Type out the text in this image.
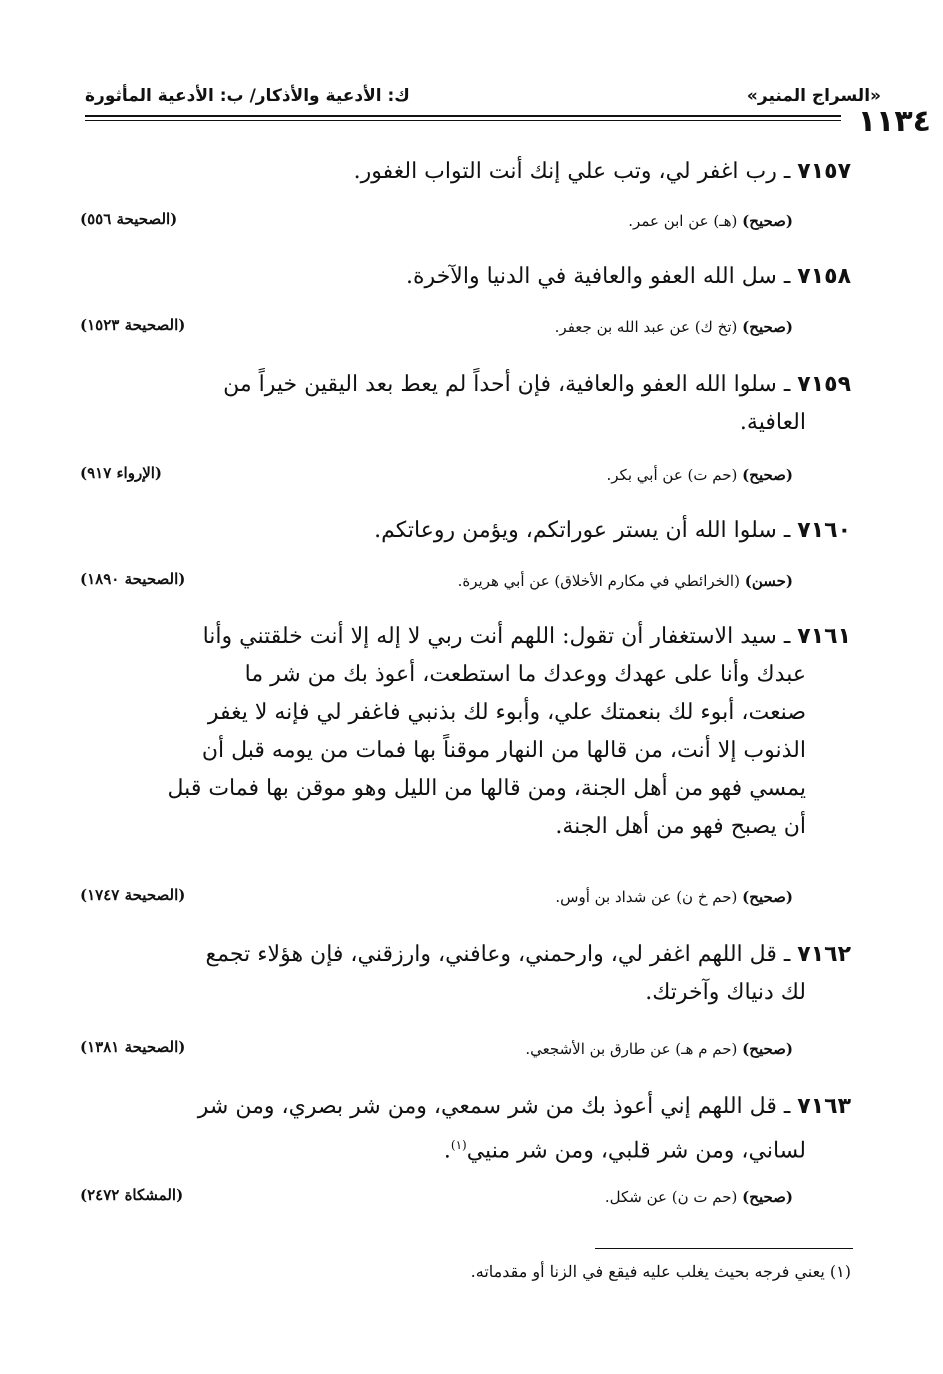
«السراج المنير»
ك: الأدعية والأذكار/ ب: الأدعية المأثورة
١١٣٤
٧١٥٧ ـ رب اغفر لي، وتب علي إنك أنت التواب الغفور.
(صحيح) (هـ) عن ابن عمر.
(الصحيحة ٥٥٦)
٧١٥٨ ـ سل الله العفو والعافية في الدنيا والآخرة.
(صحيح) (تخ ك) عن عبد الله بن جعفر.
(الصحيحة ١٥٢٣)
٧١٥٩ ـ سلوا الله العفو والعافية، فإن أحداً لم يعط بعد اليقين خيراً من
العافية.
(صحيح) (حم ت) عن أبي بكر.
(الإرواء ٩١٧)
٧١٦٠ ـ سلوا الله أن يستر عوراتكم، ويؤمن روعاتكم.
(حسن) (الخرائطي في مكارم الأخلاق) عن أبي هريرة.
(الصحيحة ١٨٩٠)
٧١٦١ ـ سيد الاستغفار أن تقول: اللهم أنت ربي لا إله إلا أنت خلقتني وأنا
عبدك وأنا على عهدك ووعدك ما استطعت، أعوذ بك من شر ما
صنعت، أبوء لك بنعمتك علي، وأبوء لك بذنبي فاغفر لي فإنه لا يغفر
الذنوب إلا أنت، من قالها من النهار موقناً بها فمات من يومه قبل أن
يمسي فهو من أهل الجنة، ومن قالها من الليل وهو موقن بها فمات قبل
أن يصبح فهو من أهل الجنة.
(صحيح) (حم خ ن) عن شداد بن أوس.
(الصحيحة ١٧٤٧)
٧١٦٢ ـ قل اللهم اغفر لي، وارحمني، وعافني، وارزقني، فإن هؤلاء تجمع
لك دنياك وآخرتك.
(صحيح) (حم م هـ) عن طارق بن الأشجعي.
(الصحيحة ١٣٨١)
٧١٦٣ ـ قل اللهم إني أعوذ بك من شر سمعي، ومن شر بصري، ومن شر
لساني، ومن شر قلبي، ومن شر منيي$^{(١)}$.
(صحيح) (حم ت ن) عن شكل.
(المشكاة ٢٤٧٢)
(١) يعني فرجه بحيث يغلب عليه فيقع في الزنا أو مقدماته.
